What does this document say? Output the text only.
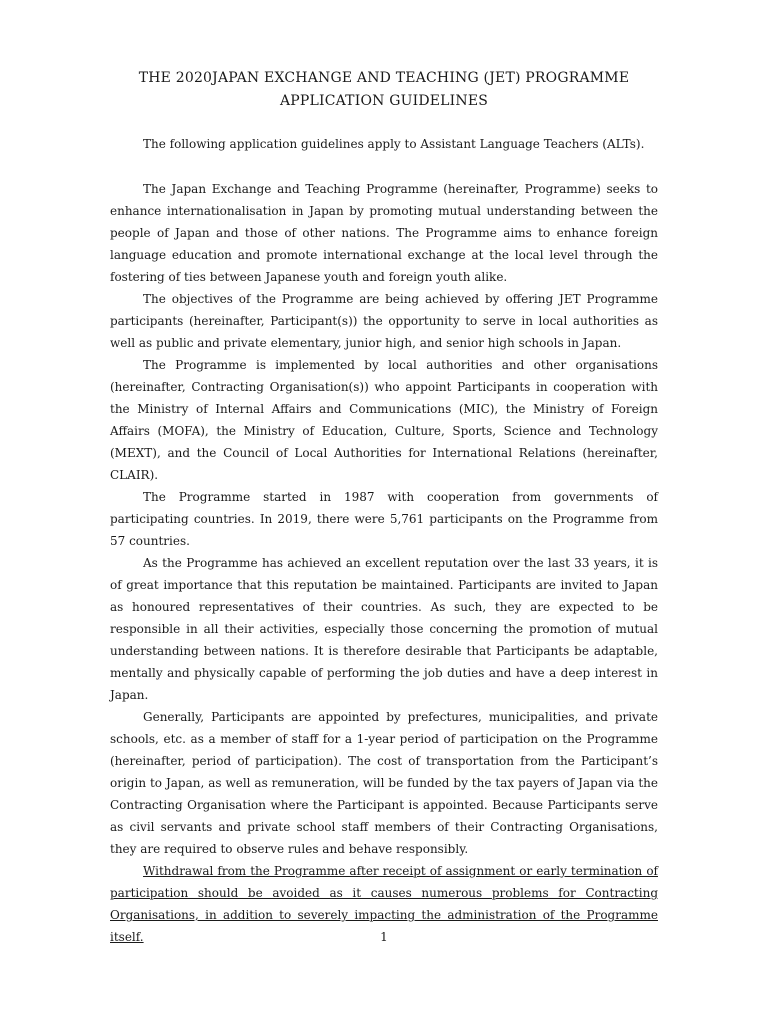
THE 2020JAPAN EXCHANGE AND TEACHING (JET) PROGRAMME
APPLICATION GUIDELINES
The following application guidelines apply to Assistant Language Teachers (ALTs).

The Japan Exchange and Teaching Programme (hereinafter, Programme) seeks to enhance internationalisation in Japan by promoting mutual understanding between the people of Japan and those of other nations. The Programme aims to enhance foreign language education and promote international exchange at the local level through the fostering of ties between Japanese youth and foreign youth alike.

The objectives of the Programme are being achieved by offering JET Programme participants (hereinafter, Participant(s)) the opportunity to serve in local authorities as well as public and private elementary, junior high, and senior high schools in Japan.

The Programme is implemented by local authorities and other organisations (hereinafter, Contracting Organisation(s)) who appoint Participants in cooperation with the Ministry of Internal Affairs and Communications (MIC), the Ministry of Foreign Affairs (MOFA), the Ministry of Education, Culture, Sports, Science and Technology (MEXT), and the Council of Local Authorities for International Relations (hereinafter, CLAIR).

The Programme started in 1987 with cooperation from governments of participating countries. In 2019, there were 5,761 participants on the Programme from 57 countries.

As the Programme has achieved an excellent reputation over the last 33 years, it is of great importance that this reputation be maintained. Participants are invited to Japan as honoured representatives of their countries. As such, they are expected to be responsible in all their activities, especially those concerning the promotion of mutual understanding between nations. It is therefore desirable that Participants be adaptable, mentally and physically capable of performing the job duties and have a deep interest in Japan.

Generally, Participants are appointed by prefectures, municipalities, and private schools, etc. as a member of staff for a 1-year period of participation on the Programme (hereinafter, period of participation). The cost of transportation from the Participant’s origin to Japan, as well as remuneration, will be funded by the tax payers of Japan via the Contracting Organisation where the Participant is appointed. Because Participants serve as civil servants and private school staff members of their Contracting Organisations, they are required to observe rules and behave responsibly.

Withdrawal from the Programme after receipt of assignment or early termination of participation should be avoided as it causes numerous problems for Contracting Organisations, in addition to severely impacting the administration of the Programme itself.	1
